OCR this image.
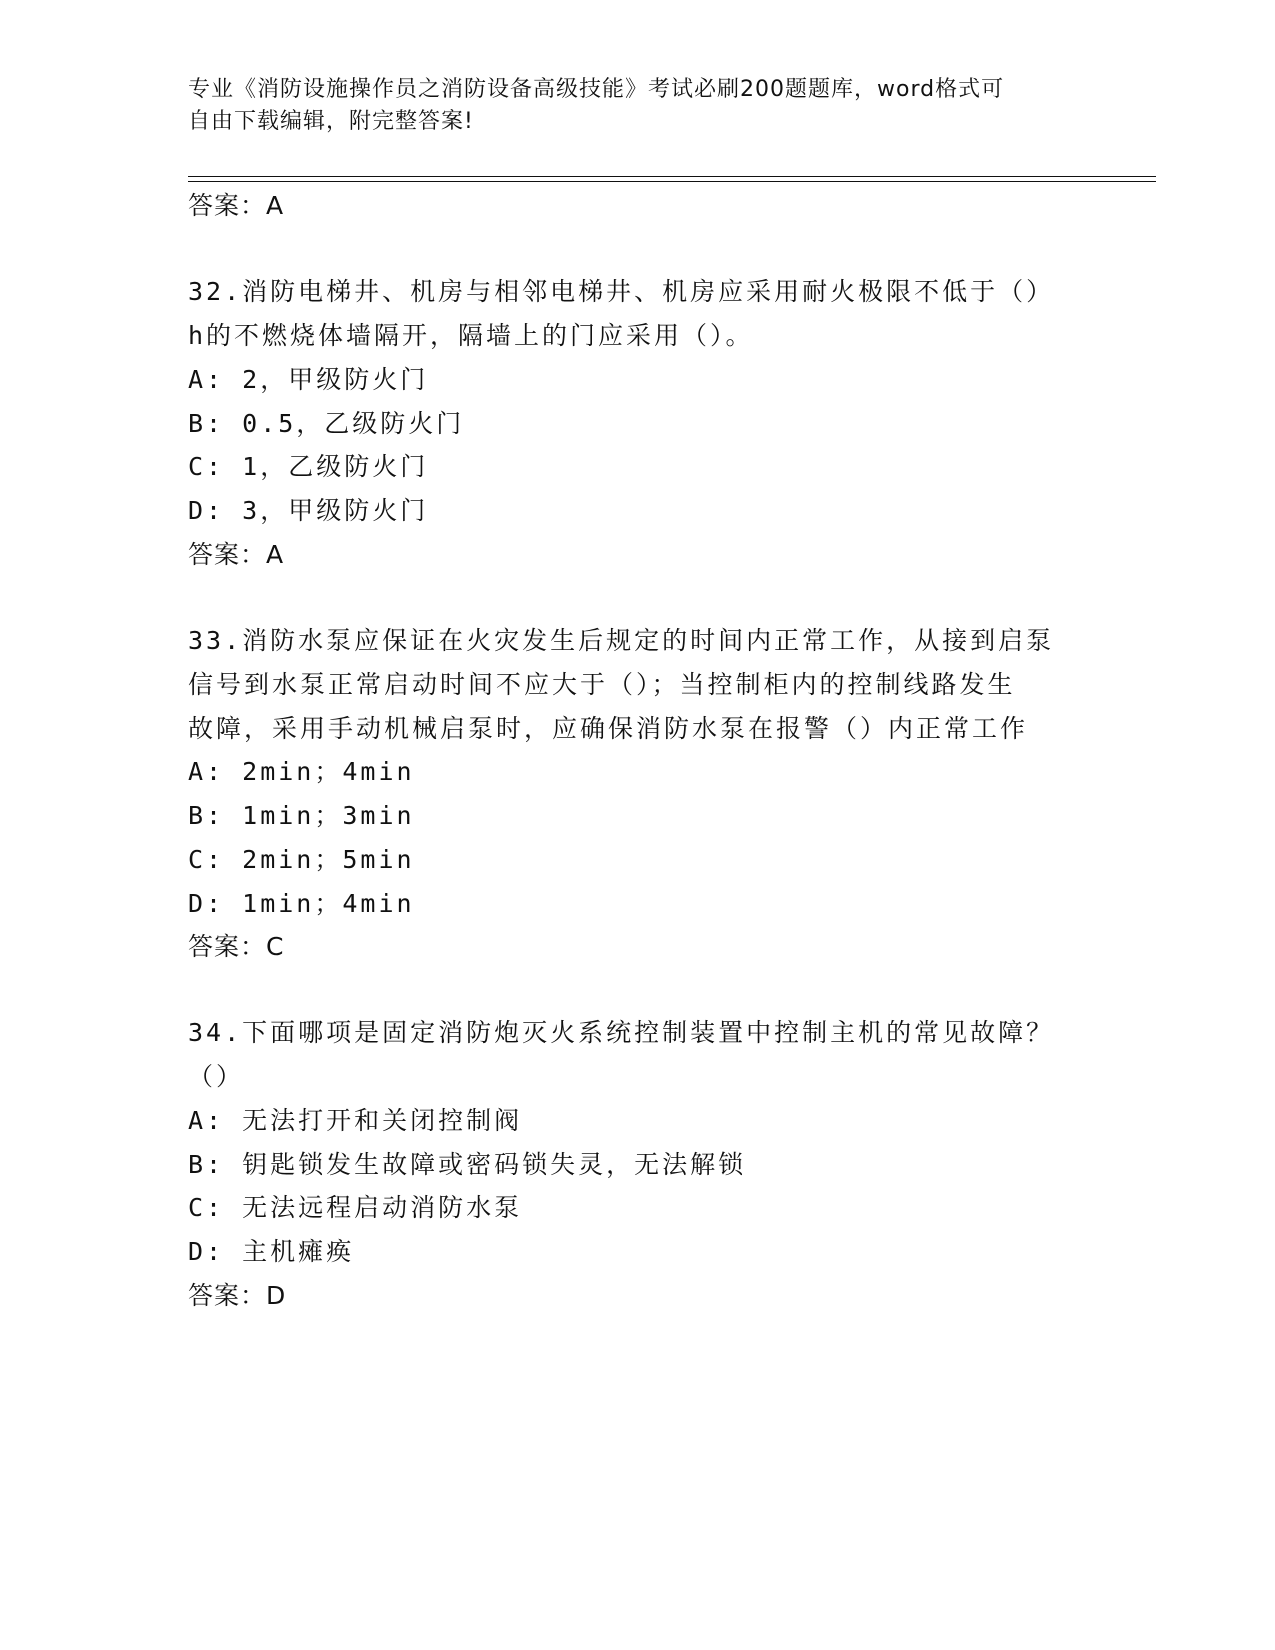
专业《消防设施操作员之消防设备高级技能》考试必刷200题题库，word格式可
自由下载编辑，附完整答案!
答案：A
32.消防电梯井、机房与相邻电梯井、机房应采用耐火极限不低于（）
h的不燃烧体墙隔开，隔墙上的门应采用（）。
A: 2，甲级防火门
B: 0.5，乙级防火门
C: 1，乙级防火门
D: 3，甲级防火门
答案：A
33.消防水泵应保证在火灾发生后规定的时间内正常工作，从接到启泵
信号到水泵正常启动时间不应大于（）；当控制柜内的控制线路发生
故障，采用手动机械启泵时，应确保消防水泵在报警（）内正常工作
A: 2min；4min
B: 1min；3min
C: 2min；5min
D: 1min；4min
答案：C
34.下面哪项是固定消防炮灭火系统控制装置中控制主机的常见故障？
（）
A: 无法打开和关闭控制阀
B: 钥匙锁发生故障或密码锁失灵，无法解锁
C: 无法远程启动消防水泵
D: 主机瘫痪
答案：D
